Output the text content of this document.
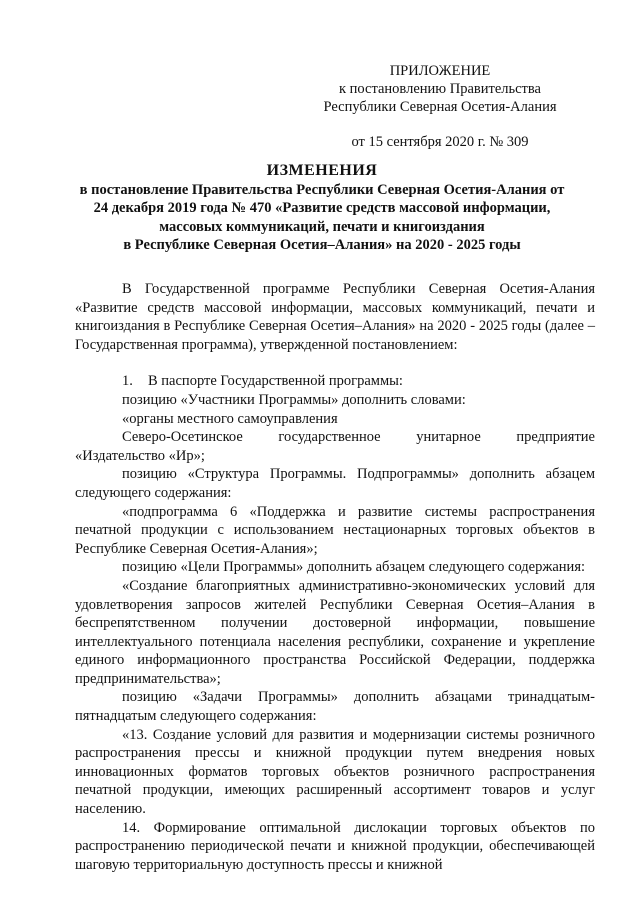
ПРИЛОЖЕНИЕ
к постановлению Правительства
Республики Северная Осетия-Алания
от 15 сентября 2020 г. № 309
ИЗМЕНЕНИЯ
в постановление Правительства Республики Северная Осетия-Алания от
24 декабря 2019 года № 470 «Развитие средств массовой информации,
массовых коммуникаций, печати и книгоиздания
в Республике Северная Осетия–Алания» на 2020 - 2025 годы

В Государственной программе Республики Северная Осетия-Алания «Развитие средств массовой информации, массовых коммуникаций, печати и книгоиздания в Республике Северная Осетия–Алания» на 2020 - 2025 годы (далее – Государственная программа), утвержденной постановлением:

1. В паспорте Государственной программы:

позицию «Участники Программы» дополнить словами:

«органы местного самоуправления

Северо-Осетинское государственное унитарное предприятие

«Издательство «Ир»;

позицию «Структура Программы. Подпрограммы» дополнить абзацем следующего содержания:

«подпрограмма 6 «Поддержка и развитие системы распространения печатной продукции с использованием нестационарных торговых объектов в Республике Северная Осетия-Алания»;

позицию «Цели Программы» дополнить абзацем следующего содержания:

«Создание благоприятных административно-экономических условий для удовлетворения запросов жителей Республики Северная Осетия–Алания в беспрепятственном получении достоверной информации, повышение интеллектуального потенциала населения республики, сохранение и укрепление единого информационного пространства Российской Федерации, поддержка предпринимательства»;

позицию «Задачи Программы» дополнить абзацами тринадцатым-пятнадцатым следующего содержания:

«13. Создание условий для развития и модернизации системы розничного распространения прессы и книжной продукции путем внедрения новых инновационных форматов торговых объектов розничного распространения печатной продукции, имеющих расширенный ассортимент товаров и услуг населению.

14. Формирование оптимальной дислокации торговых объектов по распространению периодической печати и книжной продукции, обеспечивающей шаговую территориальную доступность прессы и книжной
